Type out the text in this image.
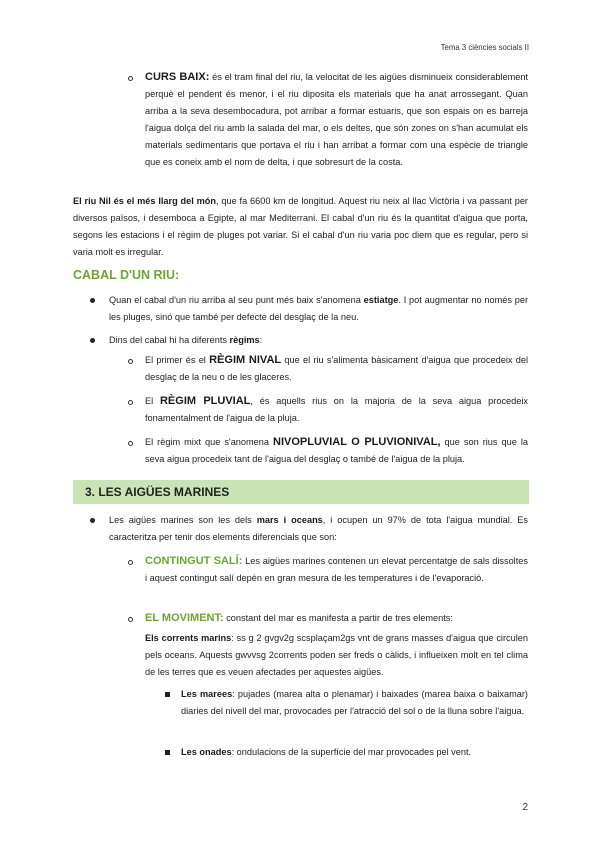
Tema 3 ciències socials II

CURS BAIX: és el tram final del riu, la velocitat de les aigües disminueix considerablement perquè el pendent és menor, i el riu diposita els materials que ha anat arrossegant. Quan arriba a la seva desembocadura, pot arribar a formar estuaris, que son espais on es barreja l'aigua dolça del riu amb la salada del mar, o els deltes, que són zones on s'han acumulat els materials sedimentaris que portava el riu i han arribat a formar com una espècie de triangle que es coneix amb el nom de delta, i que sobresurt de la costa.

El riu Nil és el més llarg del món, que fa 6600 km de longitud. Aquest riu neix al llac Victòria i va passant per diversos països, i desemboca a Egipte, al mar Mediterrani. El cabal d'un riu és la quantitat d'aigua que porta, segons les estacions i el règim de pluges pot variar. Si el cabal d'un riu varia poc diem que es regular, pero si varia molt es irregular.

CABAL D'UN RIU:

Quan el cabal d'un riu arriba al seu punt més baix s'anomena estiatge. I pot augmentar no només per les pluges, sinó que també per defecte del desglaç de la neu.

Dins del cabal hi ha diferents règims:

El primer és el RÈGIM NIVAL que el riu s'alimenta bàsicament d'aigua que procedeix del desglaç de la neu o de les glaceres.

El RÈGIM PLUVIAL, és aquells rius on la majoria de la seva aigua procedeix fonamentalment de l'aigua de la pluja.

El règim mixt que s'anomena NIVOPLUVIAL O PLUVIONIVAL, que son rius que la seva aigua procedeix tant de l'aigua del desglaç o també de l'aigua de la pluja.

3. LES AIGÜES MARINES

Les aigües marines son les dels mars i oceans, i ocupen un 97% de tota l'aigua mundial. Es caracteritza per tenir dos elements diferencials que son:

CONTINGUT SALÍ: Les aigües marines contenen un elevat percentatge de sals dissoltes i aquest contingut salí depèn en gran mesura de les temperatures i de l'evaporació.

EL MOVIMENT: constant del mar es manifesta a partir de tres elements:

Els corrents marins: ss g 2 gvgv2g scsplaçam2gs vnt de grans masses d'aigua que circulen pels oceans. Aquests gwvvsg 2corrents poden ser freds o càlids, i influeixen molt en tel clima de les terres que es veuen afectades per aquestes aigües.

Les marees: pujades (marea alta o plenamar) i baixades (marea baixa o baixamar) diaries del nivell del mar, provocades per l'atracció del sol o de la lluna sobre l'aigua.

Les onades: ondulacions de la superfície del mar provocades pel vent.

2
